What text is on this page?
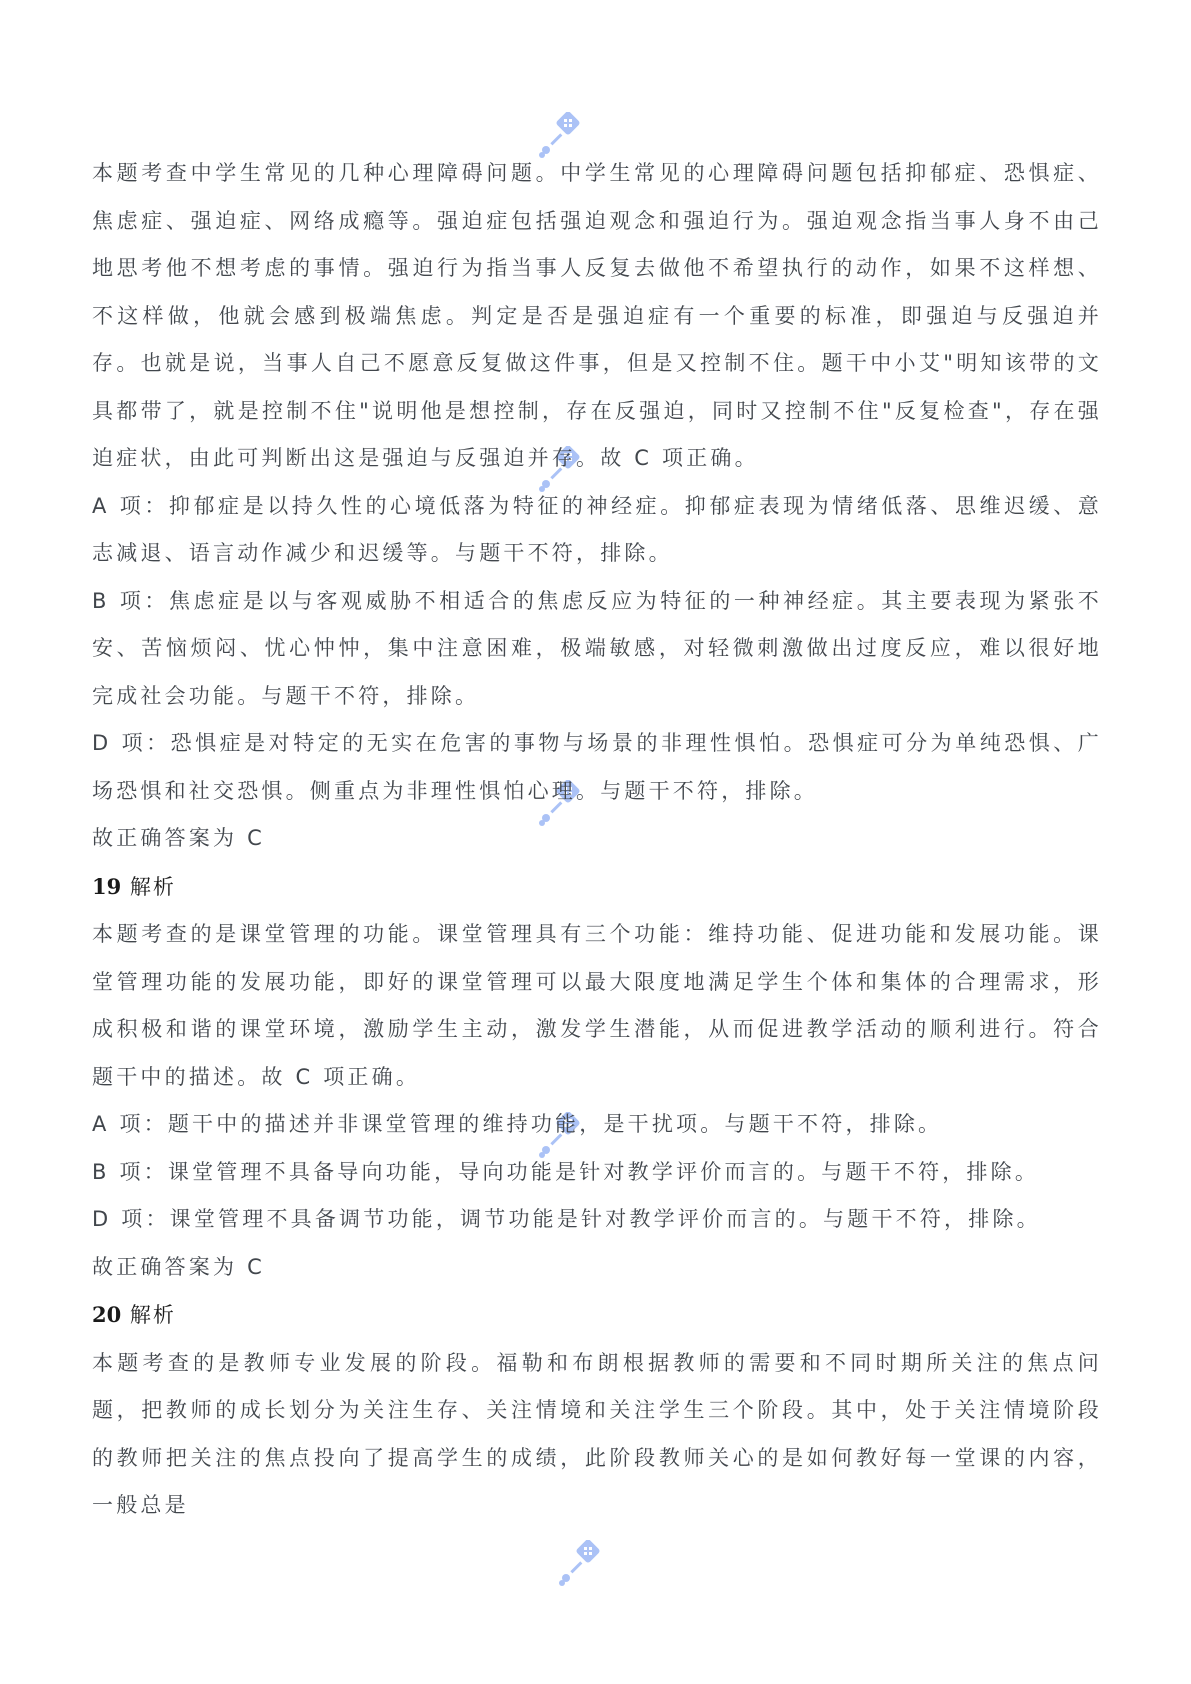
本题考查中学生常见的几种心理障碍问题。中学生常见的心理障碍问题包括抑郁症、恐惧症、焦虑症、强迫症、网络成瘾等。强迫症包括强迫观念和强迫行为。强迫观念指当事人身不由己地思考他不想考虑的事情。强迫行为指当事人反复去做他不希望执行的动作，如果不这样想、不这样做，他就会感到极端焦虑。判定是否是强迫症有一个重要的标准，即强迫与反强迫并存。也就是说，当事人自己不愿意反复做这件事，但是又控制不住。题干中小艾"明知该带的文具都带了，就是控制不住"说明他是想控制，存在反强迫，同时又控制不住"反复检查"，存在强迫症状，由此可判断出这是强迫与反强迫并存。故 C 项正确。

A 项：抑郁症是以持久性的心境低落为特征的神经症。抑郁症表现为情绪低落、思维迟缓、意志减退、语言动作减少和迟缓等。与题干不符，排除。

B 项：焦虑症是以与客观威胁不相适合的焦虑反应为特征的一种神经症。其主要表现为紧张不安、苦恼烦闷、忧心忡忡，集中注意困难，极端敏感，对轻微刺激做出过度反应，难以很好地完成社会功能。与题干不符，排除。

D 项：恐惧症是对特定的无实在危害的事物与场景的非理性惧怕。恐惧症可分为单纯恐惧、广场恐惧和社交恐惧。侧重点为非理性惧怕心理。与题干不符，排除。

故正确答案为 C

19 解析

本题考查的是课堂管理的功能。课堂管理具有三个功能：维持功能、促进功能和发展功能。课堂管理功能的发展功能，即好的课堂管理可以最大限度地满足学生个体和集体的合理需求，形成积极和谐的课堂环境，激励学生主动，激发学生潜能，从而促进教学活动的顺利进行。符合题干中的描述。故 C 项正确。

A 项：题干中的描述并非课堂管理的维持功能，是干扰项。与题干不符，排除。

B 项：课堂管理不具备导向功能，导向功能是针对教学评价而言的。与题干不符，排除。

D 项：课堂管理不具备调节功能，调节功能是针对教学评价而言的。与题干不符，排除。

故正确答案为 C

20 解析

本题考查的是教师专业发展的阶段。福勒和布朗根据教师的需要和不同时期所关注的焦点问题，把教师的成长划分为关注生存、关注情境和关注学生三个阶段。其中，处于关注情境阶段的教师把关注的焦点投向了提高学生的成绩，此阶段教师关心的是如何教好每一堂课的内容，一般总是
